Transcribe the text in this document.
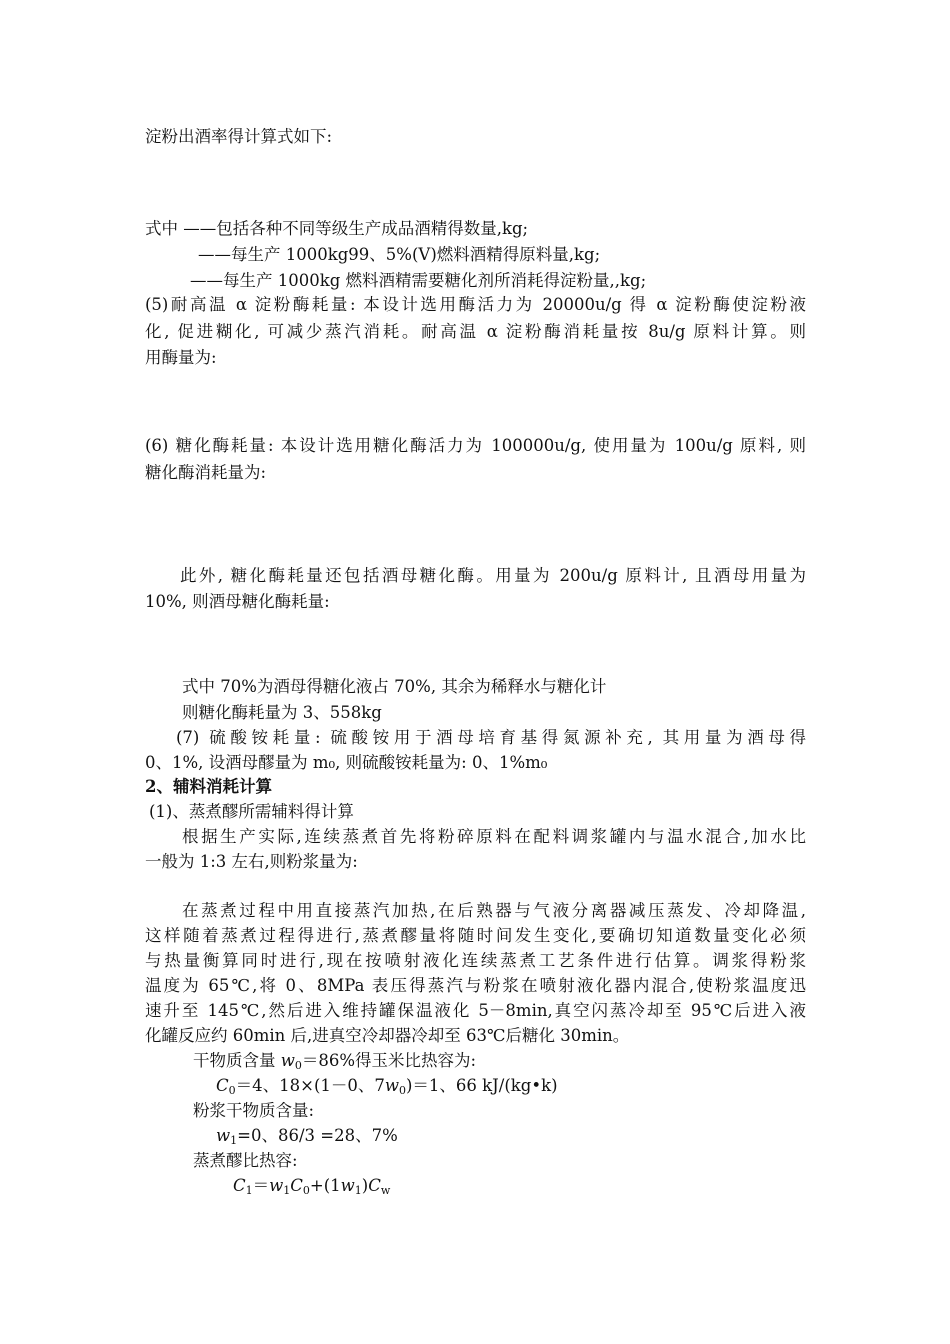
淀粉出酒率得计算式如下:
式中 ——包括各种不同等级生产成品酒精得数量,kg;
——每生产 1000kg99、5%(V)燃料酒精得原料量,kg;
——每生产 1000kg 燃料酒精需要糖化剂所消耗得淀粉量,,kg;
(5)耐高温 α 淀粉酶耗量: 本设计选用酶活力为 20000u/g 得 α 淀粉酶使淀粉液
化, 促进糊化, 可减少蒸汽消耗。耐高温 α 淀粉酶消耗量按 8u/g 原料计算。则
用酶量为:
(6) 糖化酶耗量: 本设计选用糖化酶活力为 100000u/g, 使用量为 100u/g 原料, 则
糖化酶消耗量为:
此外, 糖化酶耗量还包括酒母糖化酶。用量为 200u/g 原料计, 且酒母用量为
10%, 则酒母糖化酶耗量:
式中 70%为酒母得糖化液占 70%, 其余为稀释水与糖化计
则糖化酶耗量为 3、558kg
(7) 硫酸铵耗量: 硫酸铵用于酒母培育基得氮源补充, 其用量为酒母得
0、1%, 设酒母醪量为 m₀, 则硫酸铵耗量为: 0、1%m₀
2、辅料消耗计算
(1)、蒸煮醪所需辅料得计算
根据生产实际,连续蒸煮首先将粉碎原料在配料调浆罐内与温水混合,加水比
一般为 1:3 左右,则粉浆量为:
在蒸煮过程中用直接蒸汽加热,在后熟器与气液分离器减压蒸发、冷却降温,
这样随着蒸煮过程得进行,蒸煮醪量将随时间发生变化,要确切知道数量变化必须
与热量衡算同时进行,现在按喷射液化连续蒸煮工艺条件进行估算。调浆得粉浆
温度为 65℃,将 0、8MPa 表压得蒸汽与粉浆在喷射液化器内混合,使粉浆温度迅
速升至 145℃,然后进入维持罐保温液化 5－8min,真空闪蒸冷却至 95℃后进入液
化罐反应约 60min 后,进真空冷却器冷却至 63℃后糖化 30min。
干物质含量 $w_0=86\%$得玉米比热容为:
$C_0=4$、18×(1－0、$7w_0)=1$、66 kJ/(kg•k)
粉浆干物质含量:
$w_1=0$、86/3 =28、7%
蒸煮醪比热容:
$C_1=w_1C_0+(1w_1)C_w$
